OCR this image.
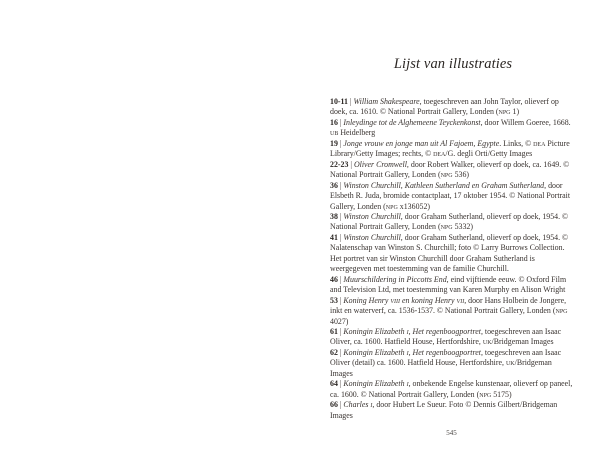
Lijst van illustraties

10-11 | William Shakespeare, toegeschreven aan John Taylor, olieverf op doek, ca. 1610. © National Portrait Gallery, Londen (npg 1)

16 | Inleydinge tot de Alghemeene Teyckenkonst, door Willem Goeree, 1668. ub Heidelberg

19 | Jonge vrouw en jonge man uit Al Fajoem, Egypte. Links, © dea Picture Library/Getty Images; rechts, © dea/G. degli Orti/Getty Images

22-23 | Oliver Cromwell, door Robert Walker, olieverf op doek, ca. 1649. © National Portrait Gallery, Londen (npg 536)

36 | Winston Churchill, Kathleen Sutherland en Graham Sutherland, door Elsbeth R. Juda, bromide contactplaat, 17 oktober 1954. © National Portrait Gallery, Londen (npg x136052)

38 | Winston Churchill, door Graham Sutherland, olieverf op doek, 1954. © National Portrait Gallery, Londen (npg 5332)

41 | Winston Churchill, door Graham Sutherland, olieverf op doek, 1954. © Nalatenschap van Winston S. Churchill; foto © Larry Burrows Collection. Het portret van sir Winston Churchill door Graham Sutherland is weergegeven met toestemming van de familie Churchill.

46 | Muurschildering in Piccotts End, eind vijftiende eeuw. © Oxford Film and Television Ltd, met toestemming van Karen Murphy en Alison Wright

53 | Koning Henry viii en koning Henry vii, door Hans Holbein de Jongere, inkt en waterverf, ca. 1536-1537. © National Portrait Gallery, Londen (npg 4027)

61 | Koningin Elizabeth i, Het regenboogportret, toegeschreven aan Isaac Oliver, ca. 1600. Hatfield House, Hertfordshire, uk/Bridgeman Images

62 | Koningin Elizabeth i, Het regenboogportret, toegeschreven aan Isaac Oliver (detail) ca. 1600. Hatfield House, Hertfordshire, uk/Bridgeman Images

64 | Koningin Elizabeth i, onbekende Engelse kunstenaar, olieverf op paneel, ca. 1600. © National Portrait Gallery, Londen (npg 5175)

66 | Charles i, door Hubert Le Sueur. Foto © Dennis Gilbert/Bridgeman Images

545
